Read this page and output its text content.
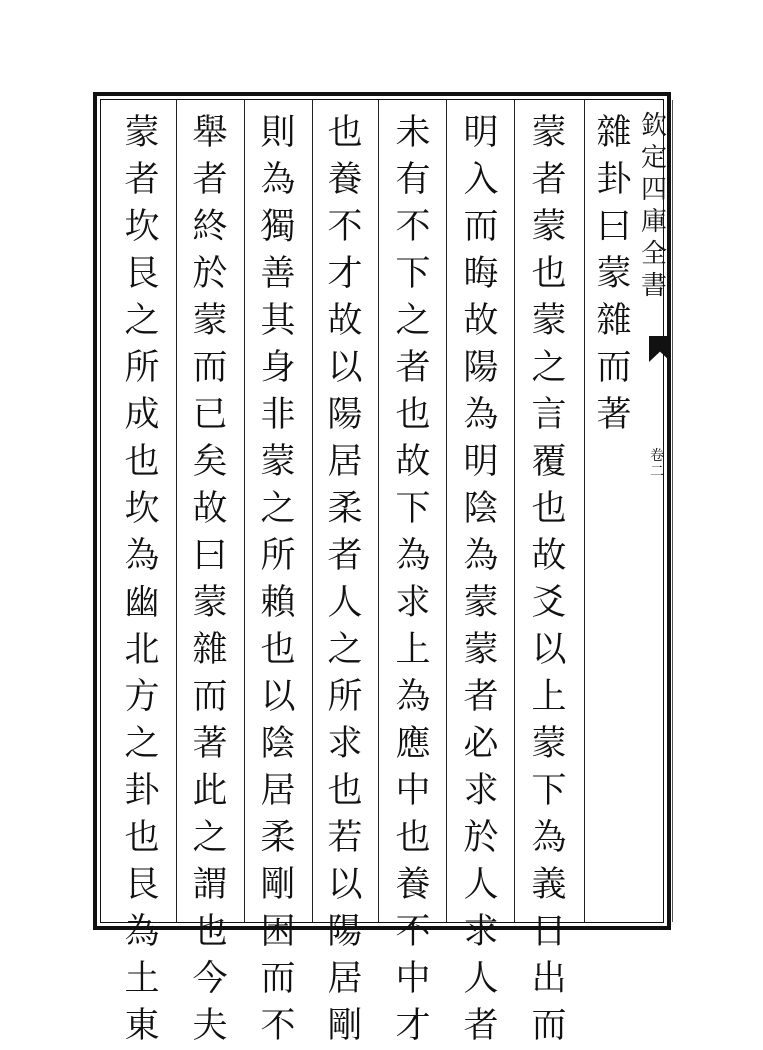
欽
定
四
庫
全
書
卷
二
雜
卦
曰
蒙
雜
而
著
蒙
者
蒙
也
蒙
之
言
覆
也
故
爻
以
上
蒙
下
為
義
日
出
而
明
入
而
晦
故
陽
為
明
陰
為
蒙
蒙
者
必
求
於
人
求
人
者
未
有
不
下
之
者
也
故
下
為
求
上
為
應
中
也
養
不
中
才
也
養
不
才
故
以
陽
居
柔
者
人
之
所
求
也
若
以
陽
居
剛
則
為
獨
善
其
身
非
蒙
之
所
賴
也
以
陰
居
柔
剛
困
而
不
舉
者
終
於
蒙
而
已
矣
故
曰
蒙
雜
而
著
此
之
謂
也
今
夫
蒙
者
坎
艮
之
所
成
也
坎
為
幽
北
方
之
卦
也
艮
為
土
東
